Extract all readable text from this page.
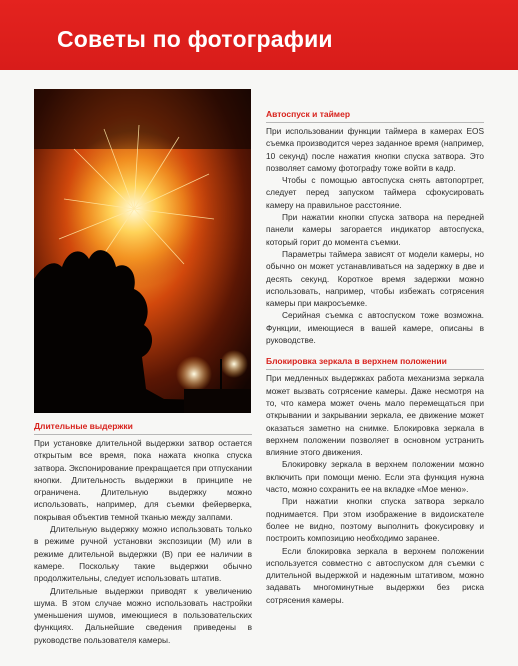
Советы по фотографии
Длительные выдержки

При установке длительной выдержки затвор остается открытым все время, пока нажата кнопка спуска затвора. Экспонирование прекращается при отпускании кнопки. Длительность выдержки в принципе не ограничена. Длительную выдержку можно использовать, например, для съемки фейерверка, покрывая объектив темной тканью между залпами.

Длительную выдержку можно использовать только в режиме ручной установки экспозиции (M) или в режиме длительной выдержки (B) при ее наличии в камере. Поскольку такие выдержки обычно продолжительны, следует использовать штатив.

Длительные выдержки приводят к увеличению шума. В этом случае можно использовать настройки уменьшения шумов, имеющиеся в пользовательских функциях. Дальнейшие сведения приведены в руководстве пользователя камеры.

Автоспуск и таймер

При использовании функции таймера в камерах EOS съемка производится через заданное время (например, 10 секунд) после нажатия кнопки спуска затвора. Это позволяет самому фотографу тоже войти в кадр.

Чтобы с помощью автоспуска снять автопортрет, следует перед запуском таймера сфокусировать камеру на правильное расстояние.

При нажатии кнопки спуска затвора на передней панели камеры загорается индикатор автоспуска, который горит до момента съемки.

Параметры таймера зависят от модели камеры, но обычно он может устанавливаться на задержку в две и десять секунд. Короткое время задержки можно использовать, например, чтобы избежать сотрясения камеры при макросъемке.

Серийная съемка с автоспуском тоже возможна. Функции, имеющиеся в вашей камере, описаны в руководстве.

Блокировка зеркала в верхнем положении

При медленных выдержках работа механизма зеркала может вызвать сотрясение камеры. Даже несмотря на то, что камера может очень мало перемещаться при открывании и закрывании зеркала, ее движение может оказаться заметно на снимке. Блокировка зеркала в верхнем положении позволяет в основном устранить влияние этого движения.

Блокировку зеркала в верхнем положении можно включить при помощи меню. Если эта функция нужна часто, можно сохранить ее на вкладке «Мое меню».

При нажатии кнопки спуска затвора зеркало поднимается. При этом изображение в видоискателе более не видно, поэтому выполнить фокусировку и построить композицию необходимо заранее.

Если блокировка зеркала в верхнем положении используется совместно с автоспуском для съемки с длительной выдержкой и надежным штативом, можно задавать многоминутные выдержки без риска сотрясения камеры.
